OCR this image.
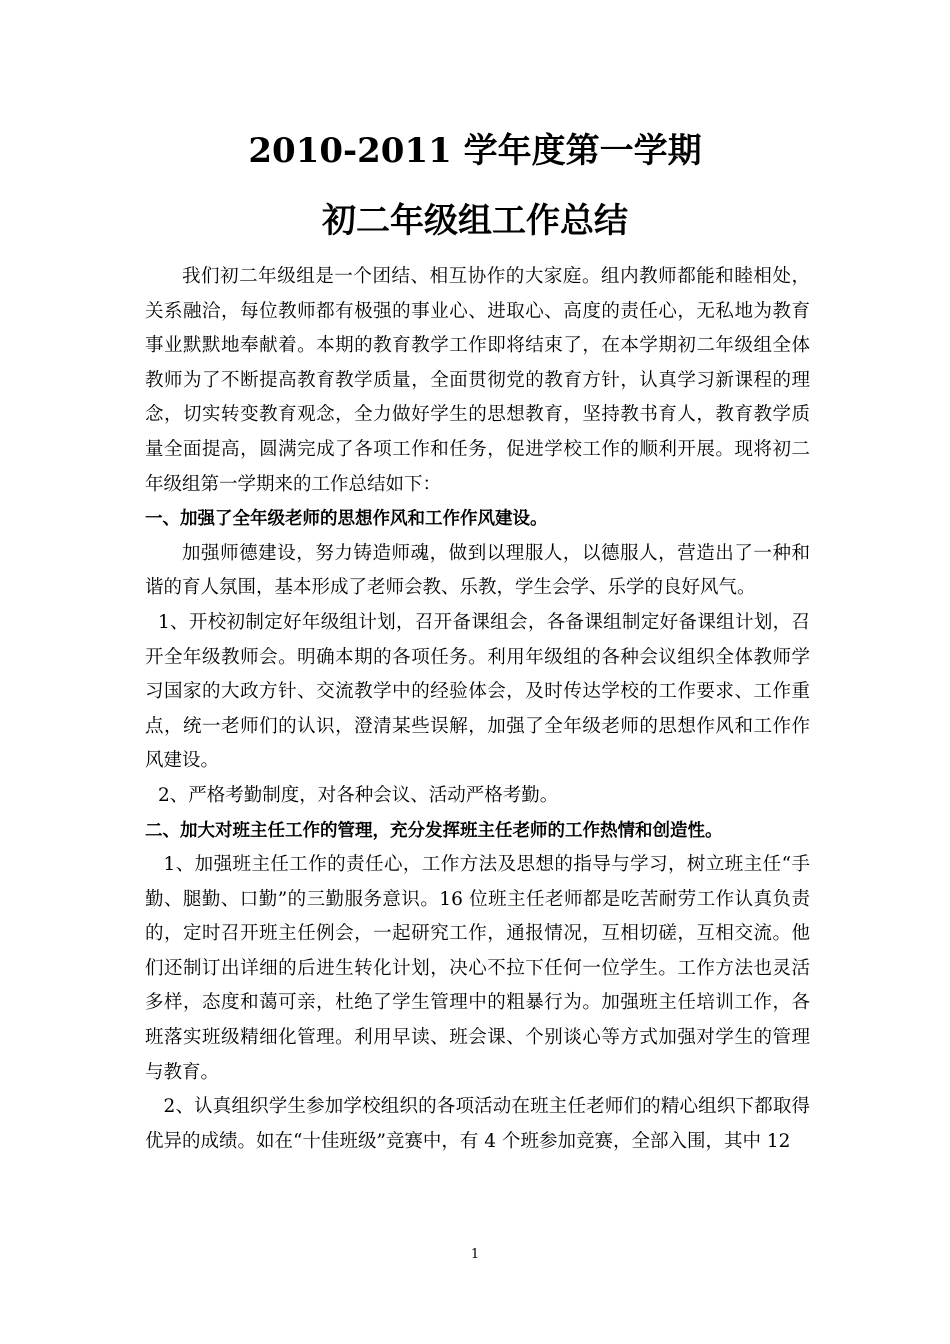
2010-2011 学年度第一学期
初二年级组工作总结

我们初二年级组是一个团结、相互协作的大家庭。组内教师都能和睦相处，关系融洽，每位教师都有极强的事业心、进取心、高度的责任心，无私地为教育事业默默地奉献着。本期的教育教学工作即将结束了，在本学期初二年级组全体教师为了不断提高教育教学质量，全面贯彻党的教育方针，认真学习新课程的理念，切实转变教育观念，全力做好学生的思想教育，坚持教书育人，教育教学质量全面提高，圆满完成了各项工作和任务，促进学校工作的顺利开展。现将初二年级组第一学期来的工作总结如下：

一、加强了全年级老师的思想作风和工作作风建设。

加强师德建设，努力铸造师魂，做到以理服人，以德服人，营造出了一种和谐的育人氛围，基本形成了老师会教、乐教，学生会学、乐学的良好风气。

1、开校初制定好年级组计划，召开备课组会，各备课组制定好备课组计划，召开全年级教师会。明确本期的各项任务。利用年级组的各种会议组织全体教师学习国家的大政方针、交流教学中的经验体会，及时传达学校的工作要求、工作重点，统一老师们的认识，澄清某些误解，加强了全年级老师的思想作风和工作作风建设。

2、严格考勤制度，对各种会议、活动严格考勤。

二、加大对班主任工作的管理，充分发挥班主任老师的工作热情和创造性。

1、加强班主任工作的责任心，工作方法及思想的指导与学习，树立班主任“手勤、腿勤、口勤”的三勤服务意识。16 位班主任老师都是吃苦耐劳工作认真负责的，定时召开班主任例会，一起研究工作，通报情况，互相切磋，互相交流。他们还制订出详细的后进生转化计划，决心不拉下任何一位学生。工作方法也灵活多样，态度和蔼可亲，杜绝了学生管理中的粗暴行为。加强班主任培训工作，各班落实班级精细化管理。利用早读、班会课、个别谈心等方式加强对学生的管理与教育。

2、认真组织学生参加学校组织的各项活动在班主任老师们的精心组织下都取得优异的成绩。如在“十佳班级”竞赛中，有 4 个班参加竞赛，全部入围，其中 12

1
